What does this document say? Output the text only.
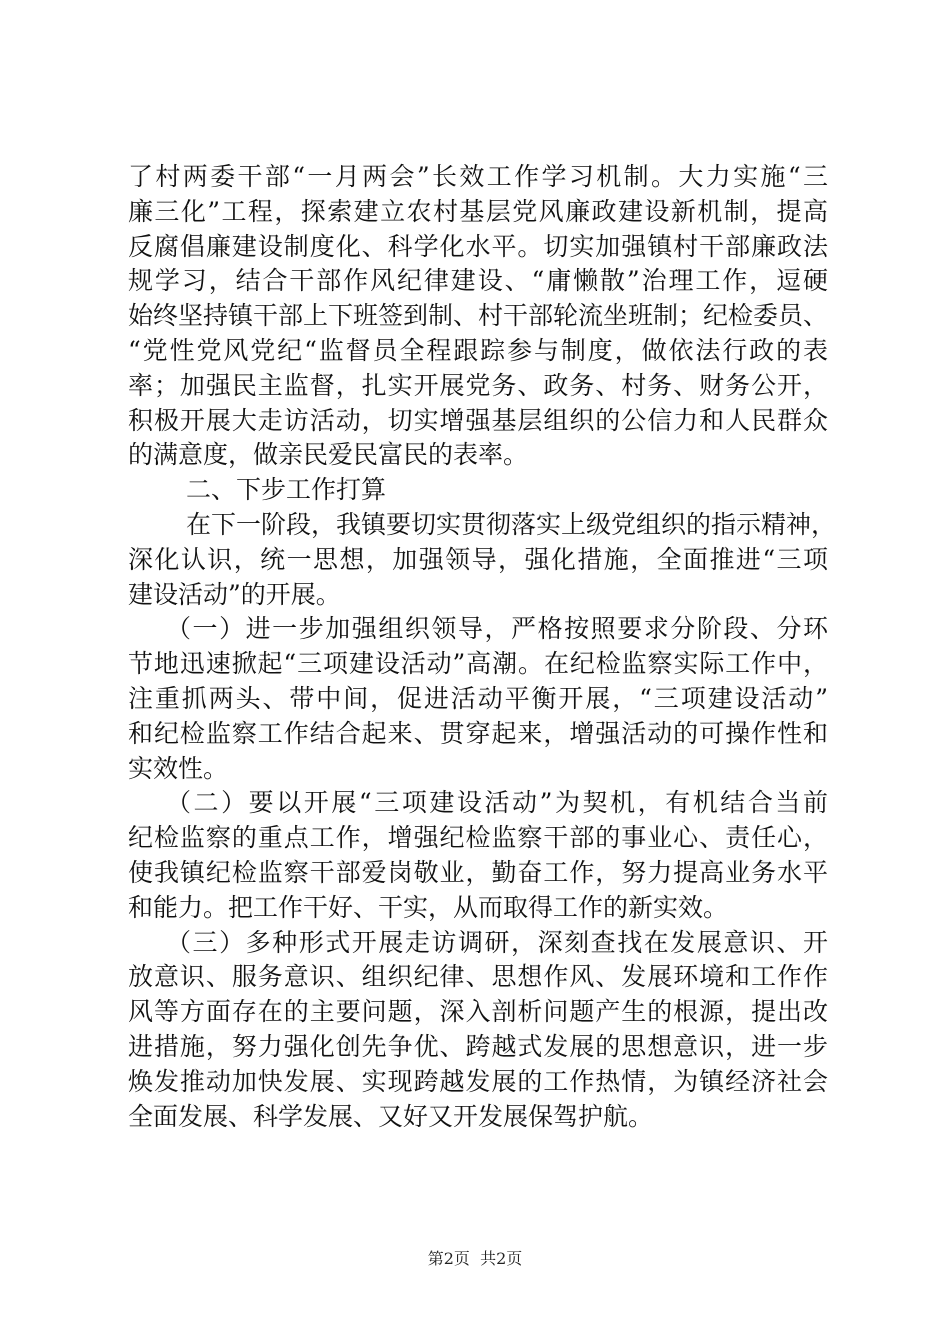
了村两委干部“一月两会”长效工作学习机制。大力实施“三
廉三化”工程，探索建立农村基层党风廉政建设新机制，提高
反腐倡廉建设制度化、科学化水平。切实加强镇村干部廉政法
规学习，结合干部作风纪律建设、“庸懒散”治理工作，逗硬
始终坚持镇干部上下班签到制、村干部轮流坐班制；纪检委员、
“党性党风党纪“监督员全程跟踪参与制度，做依法行政的表
率；加强民主监督，扎实开展党务、政务、村务、财务公开，
积极开展大走访活动，切实增强基层组织的公信力和人民群众
的满意度，做亲民爱民富民的表率。
二、下步工作打算
在下一阶段，我镇要切实贯彻落实上级党组织的指示精神，
深化认识，统一思想，加强领导，强化措施，全面推进“三项
建设活动”的开展。
（一）进一步加强组织领导，严格按照要求分阶段、分环
节地迅速掀起“三项建设活动”高潮。在纪检监察实际工作中，
注重抓两头、带中间，促进活动平衡开展，“三项建设活动”
和纪检监察工作结合起来、贯穿起来，增强活动的可操作性和
实效性。
（二）要以开展“三项建设活动”为契机，有机结合当前
纪检监察的重点工作，增强纪检监察干部的事业心、责任心，
使我镇纪检监察干部爱岗敬业，勤奋工作，努力提高业务水平
和能力。把工作干好、干实，从而取得工作的新实效。
（三）多种形式开展走访调研，深刻查找在发展意识、开
放意识、服务意识、组织纪律、思想作风、发展环境和工作作
风等方面存在的主要问题，深入剖析问题产生的根源，提出改
进措施，努力强化创先争优、跨越式发展的思想意识，进一步
焕发推动加快发展、实现跨越发展的工作热情，为镇经济社会
全面发展、科学发展、又好又开发展保驾护航。
第2页  共2页
